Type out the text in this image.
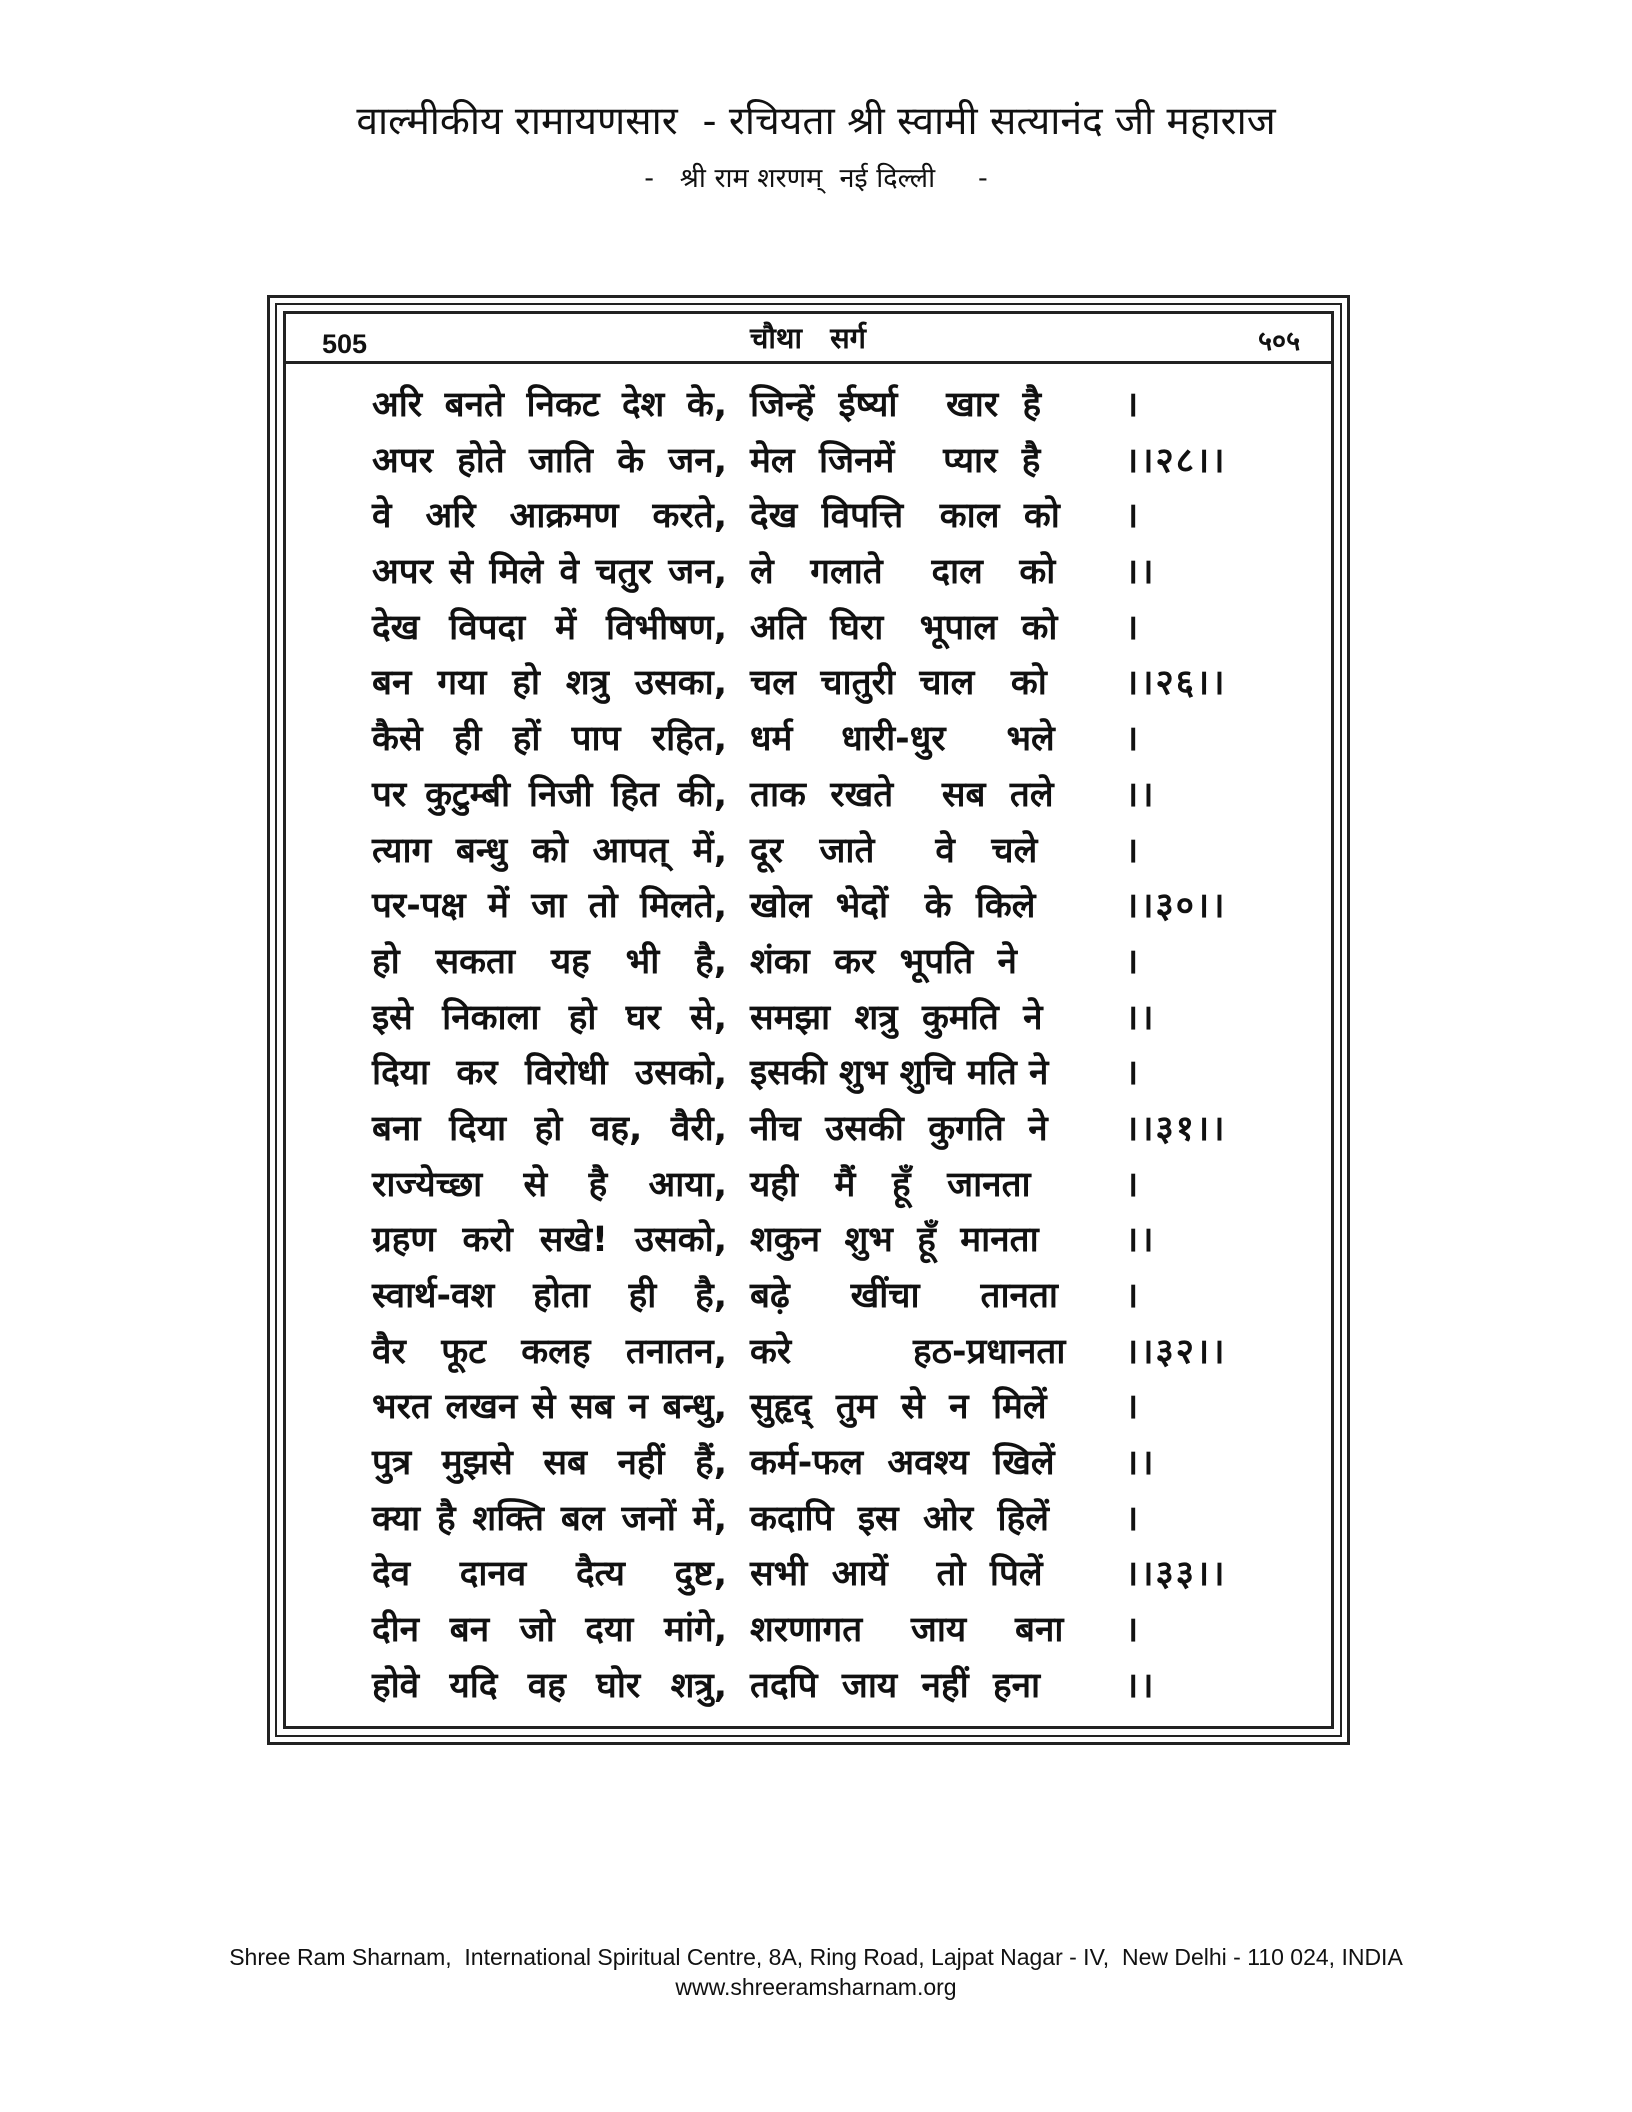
वाल्मीकीय रामायणसार  - रचियता श्री स्वामी सत्यानंद जी महाराज
-   श्री राम शरणम्  नई दिल्ली     -
505	चौथा सर्ग	५०५
अरि बनते निकट देश के, जिन्हें  ईर्ष्या    खार  है	।
अपर होते जाति के जन, मेल  जिनमें    प्यार  है	।।२८।।
वे अरि आक्रमण करते, देख  विपत्ति   काल  को	।
अपर से मिले वे चतुर जन, ले   गलाते    दाल   को	।।
देख विपदा में विभीषण, अति  घिरा   भूपाल  को	।
बन गया हो शत्रु उसका, चल  चातुरी  चाल   को	।।२६।।
कैसे ही हों पाप रहित, धर्म    धारी-धुर     भले	।
पर कुटुम्बी निजी हित की, ताक  रखते    सब  तले	।।
त्याग बन्धु को आपत् में, दूर   जाते     वे   चले	।
पर-पक्ष में जा तो मिलते, खोल  भेदों   के  किले	।।३०।।
हो सकता यह भी है, शंका  कर  भूपति  ने	।
इसे निकाला हो घर से, समझा  शत्रु  कुमति  ने	।।
दिया कर विरोधी उसको, इसकी शुभ शुचि मति ने	।
बना दिया हो वह, वैरी, नीच  उसकी  कुगति  ने	।।३१।।
राज्येच्छा से है आया, यही   मैं   हूँ   जानता	।
ग्रहण करो सखे! उसको, शकुन  शुभ  हूँ  मानता	।।
स्वार्थ-वश होता ही है, बढ़े     खींचा     तानता	।
वैर फूट कलह तनातन, करे          हठ-प्रधानता	।।३२।।
भरत लखन से सब न बन्धु, सुहृद्  तुम  से  न  मिलें	।
पुत्र मुझसे सब नहीं हैं, कर्म-फल  अवश्य  खिलें	।।
क्या है शक्ति बल जनों में, कदापि  इस  ओर  हिलें	।
देव दानव दैत्य दुष्ट, सभी  आयें    तो  पिलें	।।३३।।
दीन बन जो दया मांगे, शरणागत    जाय    बना	।
होवे यदि वह घोर शत्रु, तदपि  जाय  नहीं  हना	।।
Shree Ram Sharnam,  International Spiritual Centre, 8A, Ring Road, Lajpat Nagar - IV,  New Delhi - 110 024, INDIA
www.shreeramsharnam.org
